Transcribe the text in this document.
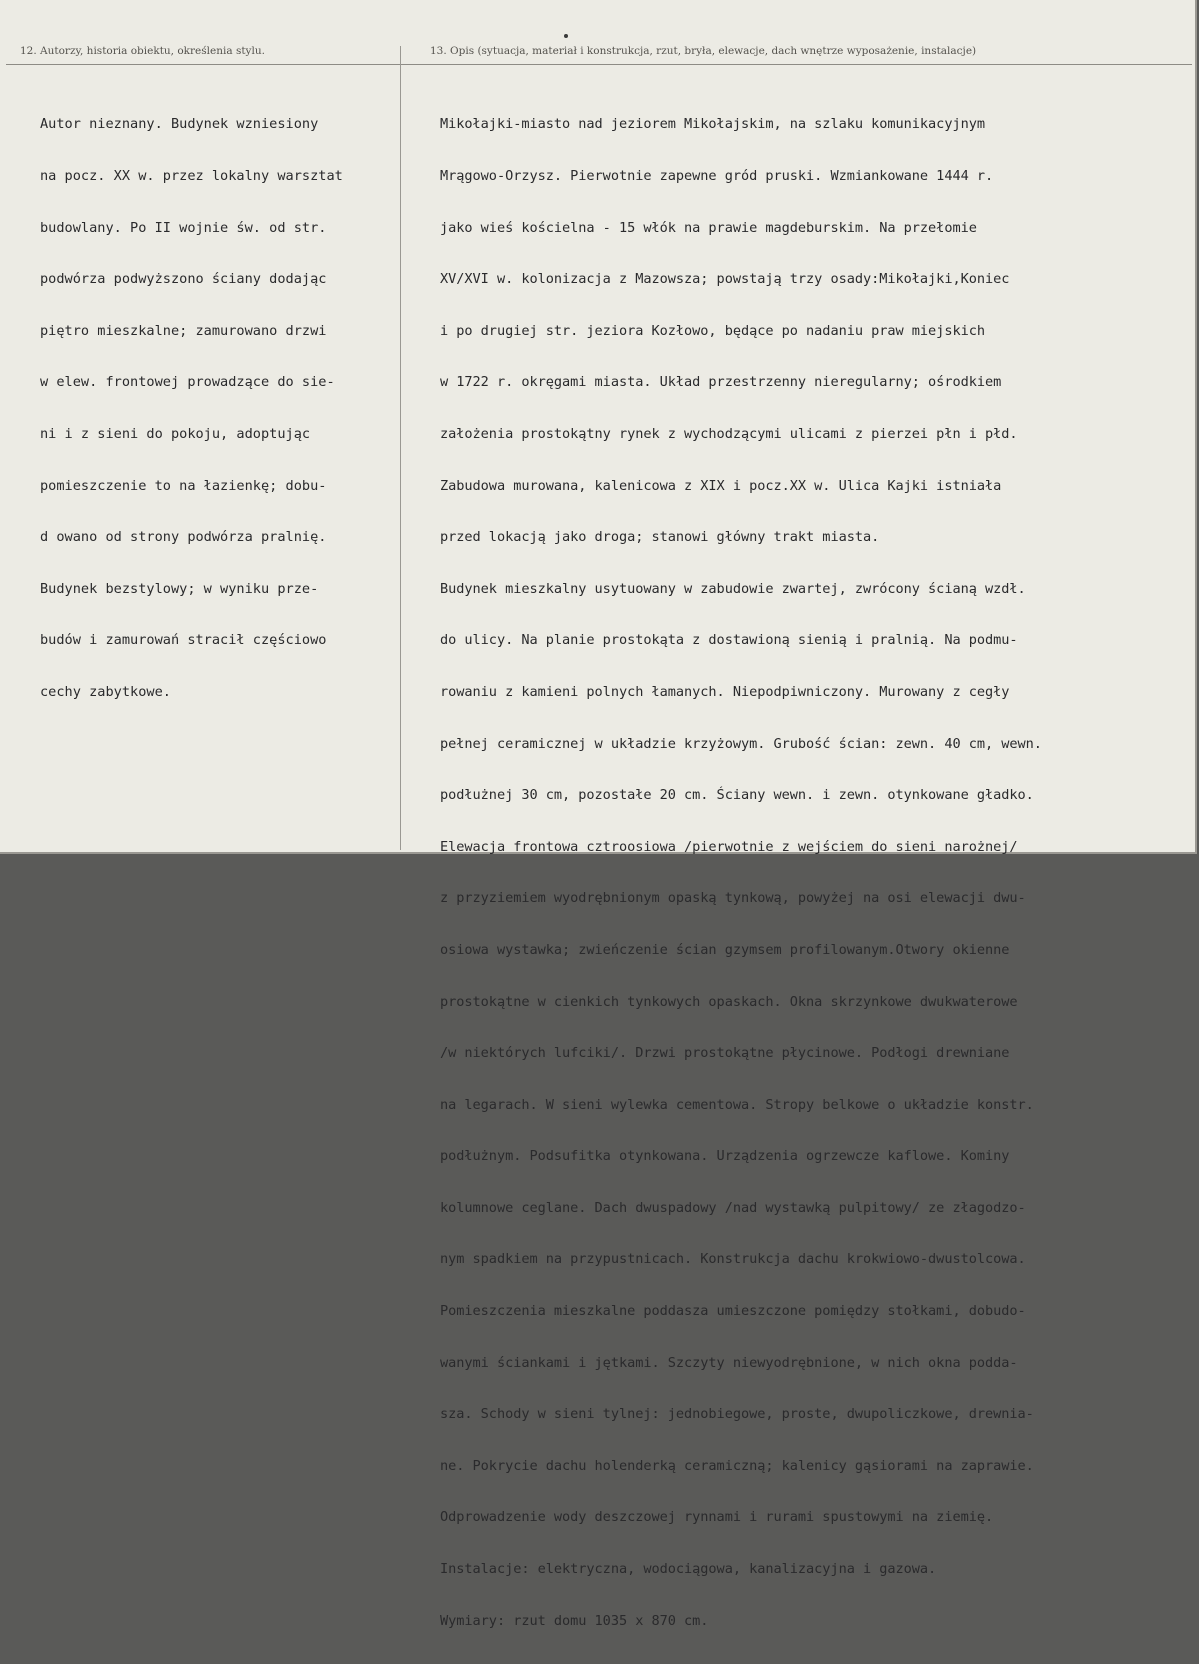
12. Autorzy, historia obiektu, określenia stylu.	13. Opis (sytuacja, materiał i konstrukcja, rzut, bryła, elewacje, dach wnętrze wyposażenie, instalacje)

Autor nieznany. Budynek wzniesiony

na pocz. XX w. przez lokalny warsztat

budowlany. Po II wojnie św. od str.

podwórza podwyższono ściany dodając

piętro mieszkalne; zamurowano drzwi

w elew. frontowej prowadzące do sie-

ni i z sieni do pokoju, adoptując

pomieszczenie to na łazienkę; dobu-

d owano od strony podwórza pralnię.

Budynek bezstylowy; w wyniku prze-

budów i zamurowań stracił częściowo

cechy zabytkowe.

Mikołajki-miasto nad jeziorem Mikołajskim, na szlaku komunikacyjnym

Mrągowo-Orzysz. Pierwotnie zapewne gród pruski. Wzmiankowane 1444 r.

jako wieś kościelna - 15 włók na prawie magdeburskim. Na przełomie

XV/XVI w. kolonizacja z Mazowsza; powstają trzy osady:Mikołajki,Koniec

i po drugiej str. jeziora Kozłowo, będące po nadaniu praw miejskich

w 1722 r. okręgami miasta. Układ przestrzenny nieregularny; ośrodkiem

założenia prostokątny rynek z wychodzącymi ulicami z pierzei płn i płd.

Zabudowa murowana, kalenicowa z XIX i pocz.XX w. Ulica Kajki istniała

przed lokacją jako droga; stanowi główny trakt miasta.

Budynek mieszkalny usytuowany w zabudowie zwartej, zwrócony ścianą wzdł.

do ulicy. Na planie prostokąta z dostawioną sienią i pralnią. Na podmu-

rowaniu z kamieni polnych łamanych. Niepodpiwniczony. Murowany z cegły

pełnej ceramicznej w układzie krzyżowym. Grubość ścian: zewn. 40 cm, wewn.

podłużnej 30 cm, pozostałe 20 cm. Ściany wewn. i zewn. otynkowane gładko.

Elewacja frontowa cztroosiowa /pierwotnie z wejściem do sieni narożnej/

z przyziemiem wyodrębnionym opaską tynkową, powyżej na osi elewacji dwu-

osiowa wystawka; zwieńczenie ścian gzymsem profilowanym.Otwory okienne

prostokątne w cienkich tynkowych opaskach. Okna skrzynkowe dwukwaterowe

/w niektórych lufciki/. Drzwi prostokątne płycinowe. Podłogi drewniane

na legarach. W sieni wylewka cementowa. Stropy belkowe o układzie konstr.

podłużnym. Podsufitka otynkowana. Urządzenia ogrzewcze kaflowe. Kominy

kolumnowe ceglane. Dach dwuspadowy /nad wystawką pulpitowy/ ze złagodzo-

nym spadkiem na przypustnicach. Konstrukcja dachu krokwiowo-dwustolcowa.

Pomieszczenia mieszkalne poddasza umieszczone pomiędzy stołkami, dobudo-

wanymi ściankami i jętkami. Szczyty niewyodrębnione, w nich okna podda-

sza. Schody w sieni tylnej: jednobiegowe, proste, dwupoliczkowe, drewnia-

ne. Pokrycie dachu holenderką ceramiczną; kalenicy gąsiorami na zaprawie.

Odprowadzenie wody deszczowej rynnami i rurami spustowymi na ziemię.

Instalacje: elektryczna, wodociągowa, kanalizacyjna i gazowa.

Wymiary: rzut domu 1035 x 870 cm.
